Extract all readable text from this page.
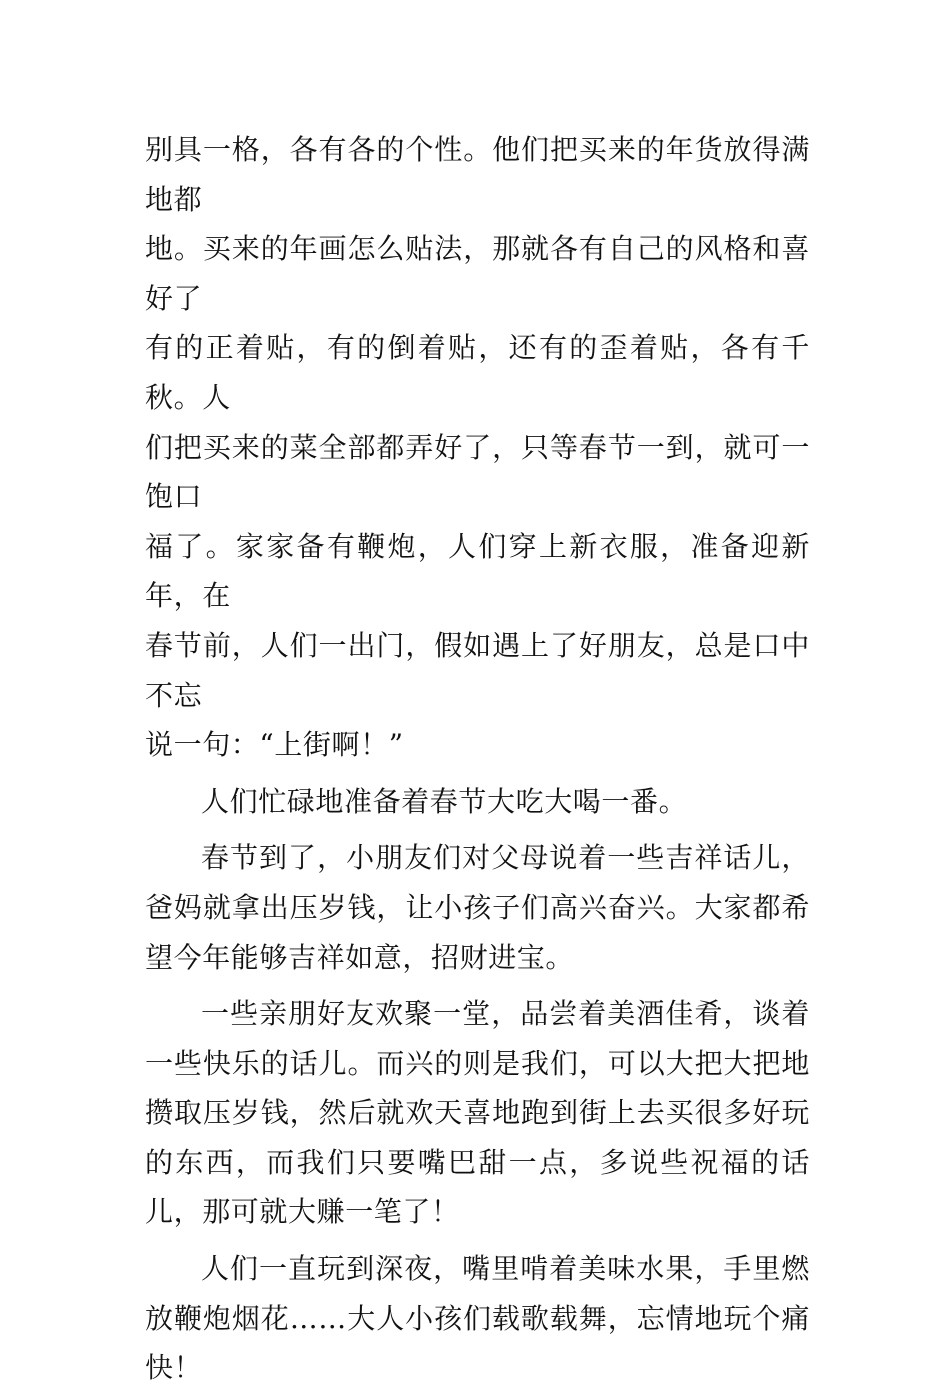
别具一格，各有各的个性。他们把买来的年货放得满地都

地。买来的年画怎么贴法，那就各有自己的风格和喜好了

有的正着贴，有的倒着贴，还有的歪着贴，各有千秋。人

们把买来的菜全部都弄好了，只等春节一到，就可一饱口

福了。家家备有鞭炮，人们穿上新衣服，准备迎新年，在

春节前，人们一出门，假如遇上了好朋友，总是口中不忘

说一句：“上街啊！”

人们忙碌地准备着春节大吃大喝一番。

春节到了，小朋友们对父母说着一些吉祥话儿，爸妈就拿出压岁钱，让小孩子们高兴奋兴。大家都希望今年能够吉祥如意，招财进宝。

一些亲朋好友欢聚一堂，品尝着美酒佳肴，谈着一些快乐的话儿。而兴的则是我们，可以大把大把地攒取压岁钱，然后就欢天喜地跑到街上去买很多好玩的东西，而我们只要嘴巴甜一点，多说些祝福的话儿，那可就大赚一笔了！

人们一直玩到深夜，嘴里啃着美味水果，手里燃放鞭炮烟花……大人小孩们载歌载舞，忘情地玩个痛快！
